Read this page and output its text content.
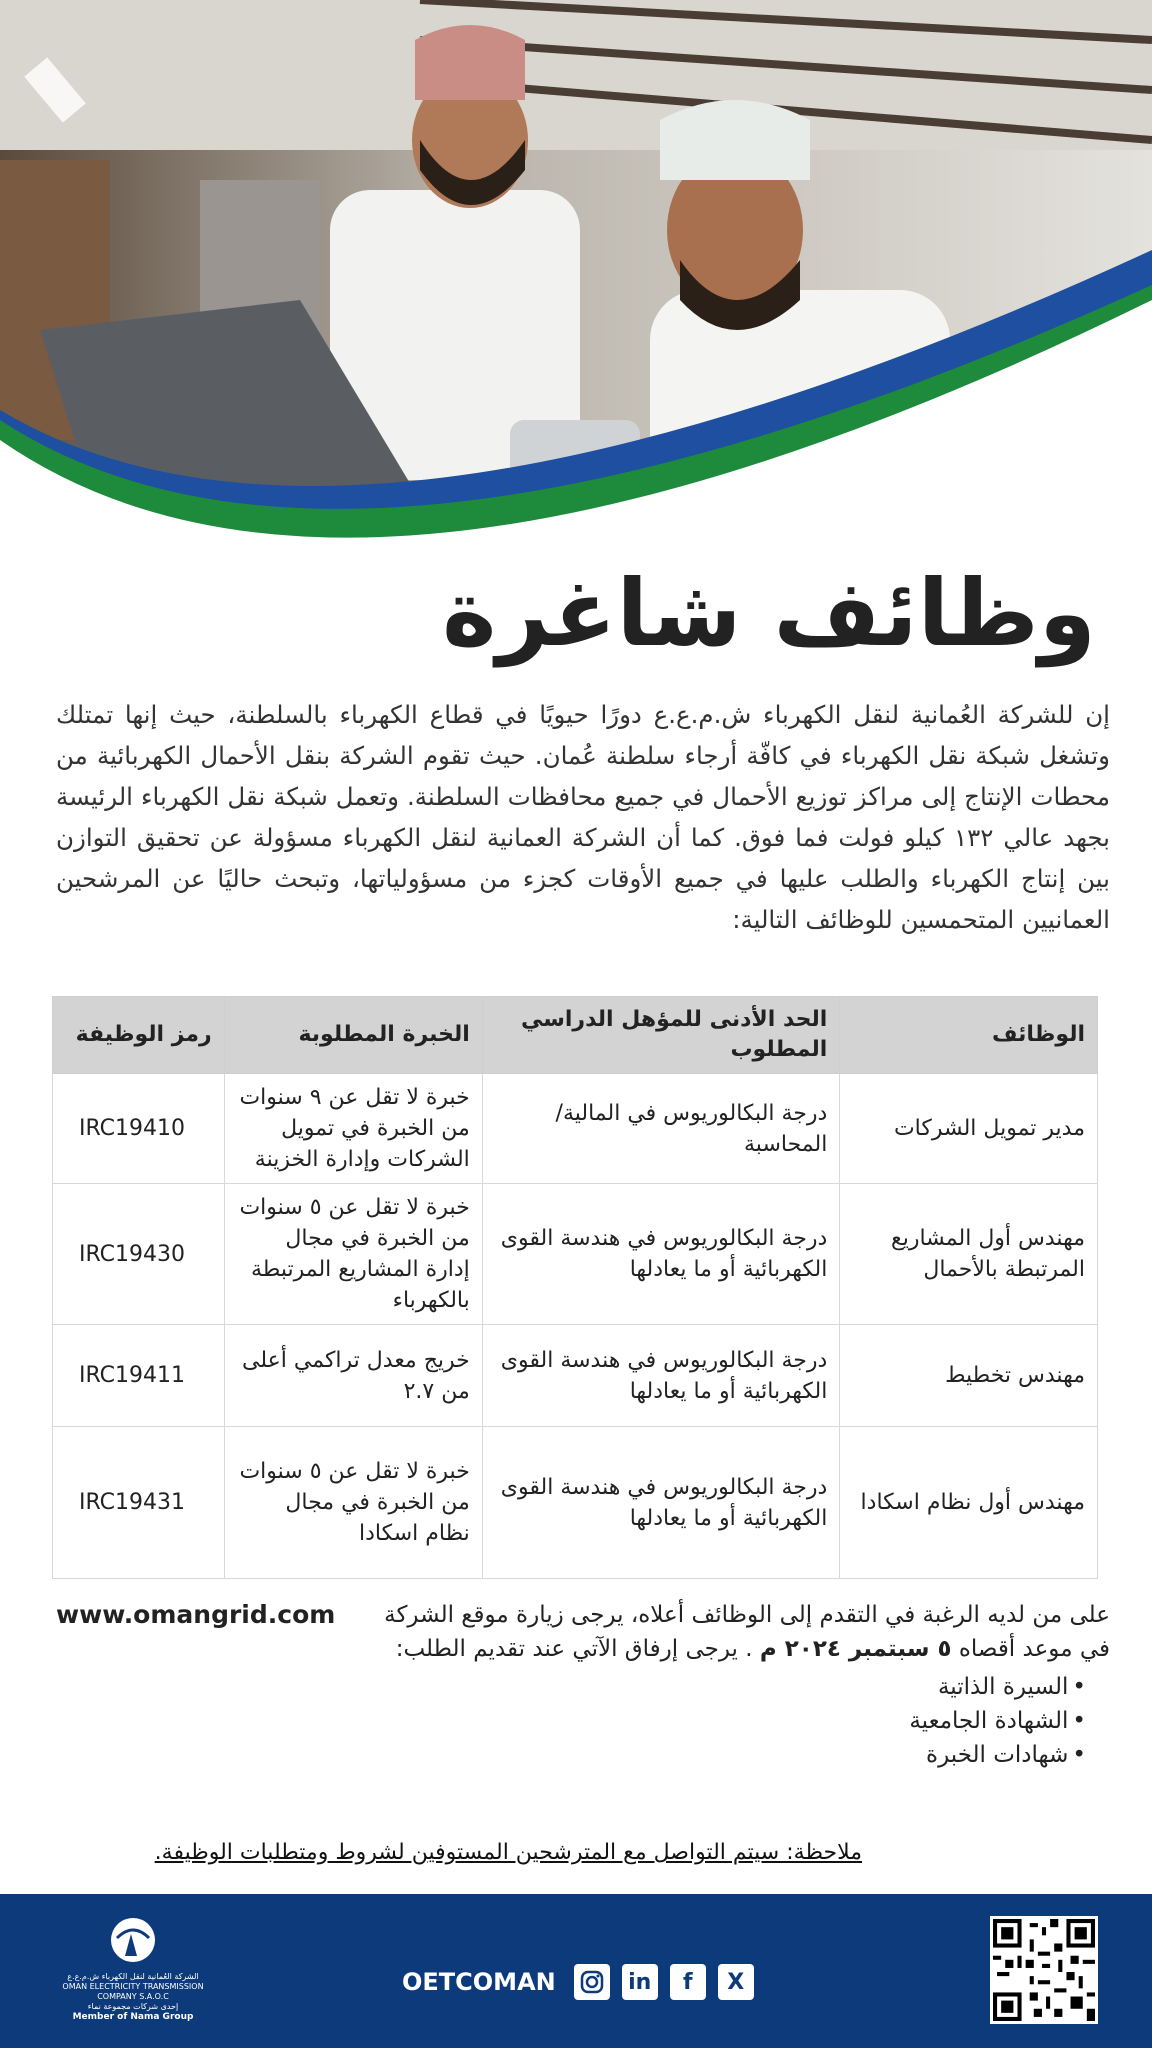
وظائف شاغرة

إن للشركة العُمانية لنقل الكهرباء ش.م.ع.ع دورًا حيويًا في قطاع الكهرباء بالسلطنة، حيث إنها تمتلك وتشغل شبكة نقل الكهرباء في كافّة أرجاء سلطنة عُمان. حيث تقوم الشركة بنقل الأحمال الكهربائية من محطات الإنتاج إلى مراكز توزيع الأحمال في جميع محافظات السلطنة. وتعمل شبكة نقل الكهرباء الرئيسة بجهد عالي ١٣٢ كيلو فولت فما فوق. كما أن الشركة العمانية لنقل الكهرباء مسؤولة عن تحقيق التوازن بين إنتاج الكهرباء والطلب عليها في جميع الأوقات كجزء من مسؤولياتها، وتبحث حاليًا عن المرشحين العمانيين المتحمسين للوظائف التالية:

الوظائف	الحد الأدنى للمؤهل الدراسي المطلوب	الخبرة المطلوبة	رمز الوظيفة
مدير تمويل الشركات	درجة البكالوريوس في المالية/ المحاسبة	خبرة لا تقل عن ٩ سنوات من الخبرة في تمويل الشركات وإدارة الخزينة	IRC19410
مهندس أول المشاريع المرتبطة بالأحمال	درجة البكالوريوس في هندسة القوى الكهربائية أو ما يعادلها	خبرة لا تقل عن ٥ سنوات من الخبرة في مجال إدارة المشاريع المرتبطة بالكهرباء	IRC19430
مهندس تخطيط	درجة البكالوريوس في هندسة القوى الكهربائية أو ما يعادلها	خريج معدل تراكمي أعلى من ٢.٧	IRC19411
مهندس أول نظام اسكادا	درجة البكالوريوس في هندسة القوى الكهربائية أو ما يعادلها	خبرة لا تقل عن ٥ سنوات من الخبرة في مجال نظام اسكادا	IRC19431
على من لديه الرغبة في التقدم إلى الوظائف أعلاه، يرجى زيارة موقع الشركة
www.omangrid.com
في موعد أقصاه ٥ سبتمبر ٢٠٢٤ م . يرجى إرفاق الآتي عند تقديم الطلب:
• السيرة الذاتية
• الشهادة الجامعية
• شهادات الخبرة
ملاحظة: سيتم التواصل مع المترشحين المستوفين لشروط ومتطلبات الوظيفة.
الشركة العُمانية لنقل الكهرباء ش.م.ع.ع
OMAN ELECTRICITY TRANSMISSION COMPANY S.A.O.C
إحدى شركات مجموعة نماء
Member of Nama Group
OETCOMAN	in	f	X
